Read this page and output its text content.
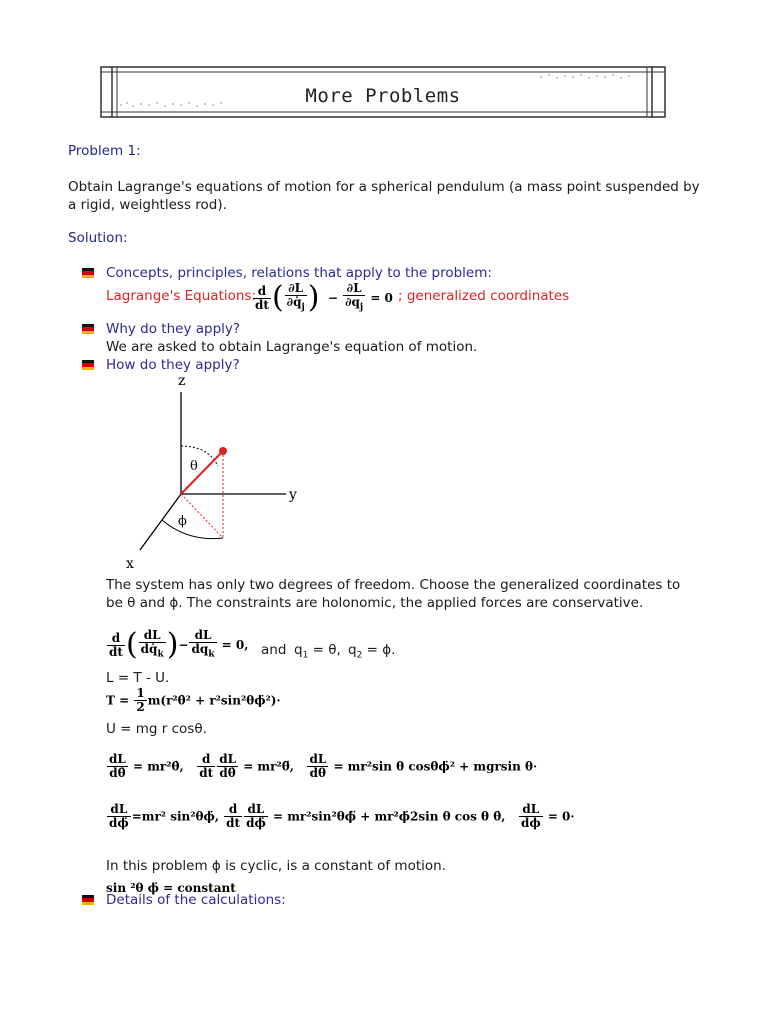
More Problems
Problem 1:
Obtain Lagrange's equations of motion for a spherical pendulum (a mass point suspended by
a rigid, weightless rod).
Solution:
Concepts, principles, relations that apply to the problem:
Lagrange's Equations:
$\frac{d}{dt}$ ( $\frac{\partial L}{\partial q̇_j}$ )  − $\frac{\partial L}{\partial q_j} = 0$ ; generalized coordinates
Why do they apply?
We are asked to obtain Lagrange's equation of motion.
How do they apply?
z
y
x
θ
ϕ
The system has only two degrees of freedom. Choose the generalized coordinates to
be θ and ϕ. The constraints are holonomic, the applied forces are conservative.
$\frac{d}{dt}$ ( $\frac{dL}{dq̇_k}$ )− $\frac{dL}{dq_k} = 0$, and $q_1 = \theta$, $q_2 = \phi$.
L = T - U.
$T = \frac{1}{2}$ m(r²θ̇² + r²sin²θϕ̇²)·
U = mg r cosθ.
$\frac{dL}{d\thetȧ}$ = mr²θ̇, $\frac{d}{dt} \frac{dL}{d\thetȧ}$ = mr²θ̈, $\frac{dL}{d\theta} = mr^2\sin$ θ cosθϕ̇² + mgrsin θ·
$\frac{dL}{d\phi̇} =mr^2$ sin²θϕ̇, $\frac{d}{dt} \frac{dL}{d\phi̇}$ = mr²sin²θϕ̈ + mr²ϕ̇2sin θ cos θ θ̇, $\frac{dL}{d\phi} = 0\cdot$
In this problem ϕ is cyclic, is a constant of motion.
sin ²θ ϕ̇ = constant
Details of the calculations:
